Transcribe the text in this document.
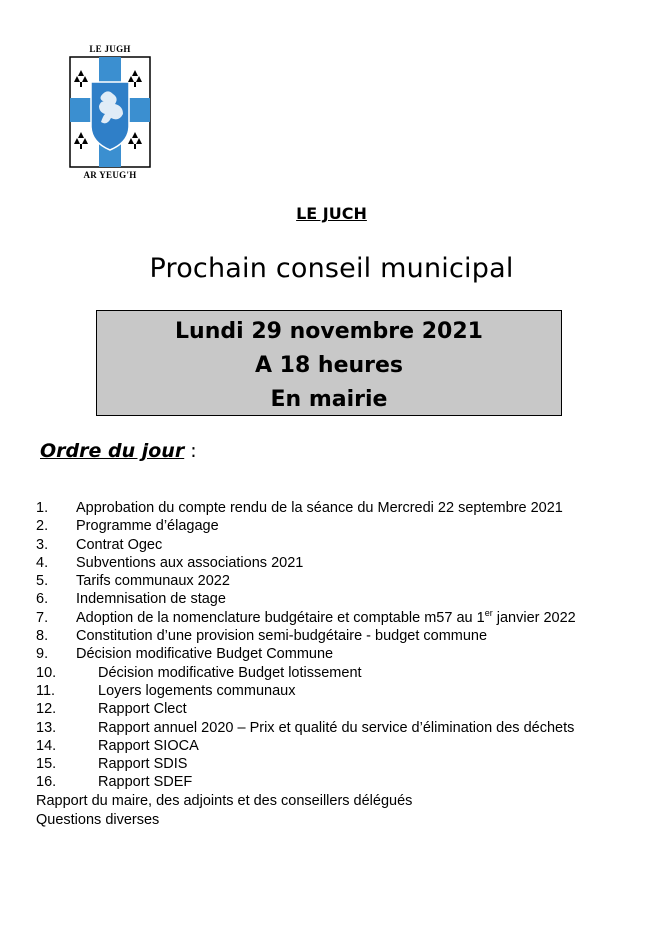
LE JUGH
AR YEUG'H
LE JUCH
Prochain conseil municipal
Lundi 29 novembre 2021
A 18 heures
En mairie
Ordre du jour :
1. Approbation du compte rendu de la séance du Mercredi 22 septembre 2021
2. Programme d’élagage
3. Contrat Ogec
4. Subventions aux associations 2021
5. Tarifs communaux 2022
6. Indemnisation de stage
7. Adoption de la nomenclature budgétaire et comptable m57 au 1er janvier 2022
8. Constitution d’une provision semi-budgétaire - budget commune
9. Décision modificative Budget Commune
10.	Décision modificative Budget lotissement
11.	Loyers logements communaux
12.	Rapport Clect
13.	Rapport annuel 2020 – Prix et qualité du service d’élimination des déchets
14.	Rapport SIOCA
15.	Rapport SDIS
16.	Rapport SDEF
Rapport du maire, des adjoints et des conseillers délégués
Questions diverses
